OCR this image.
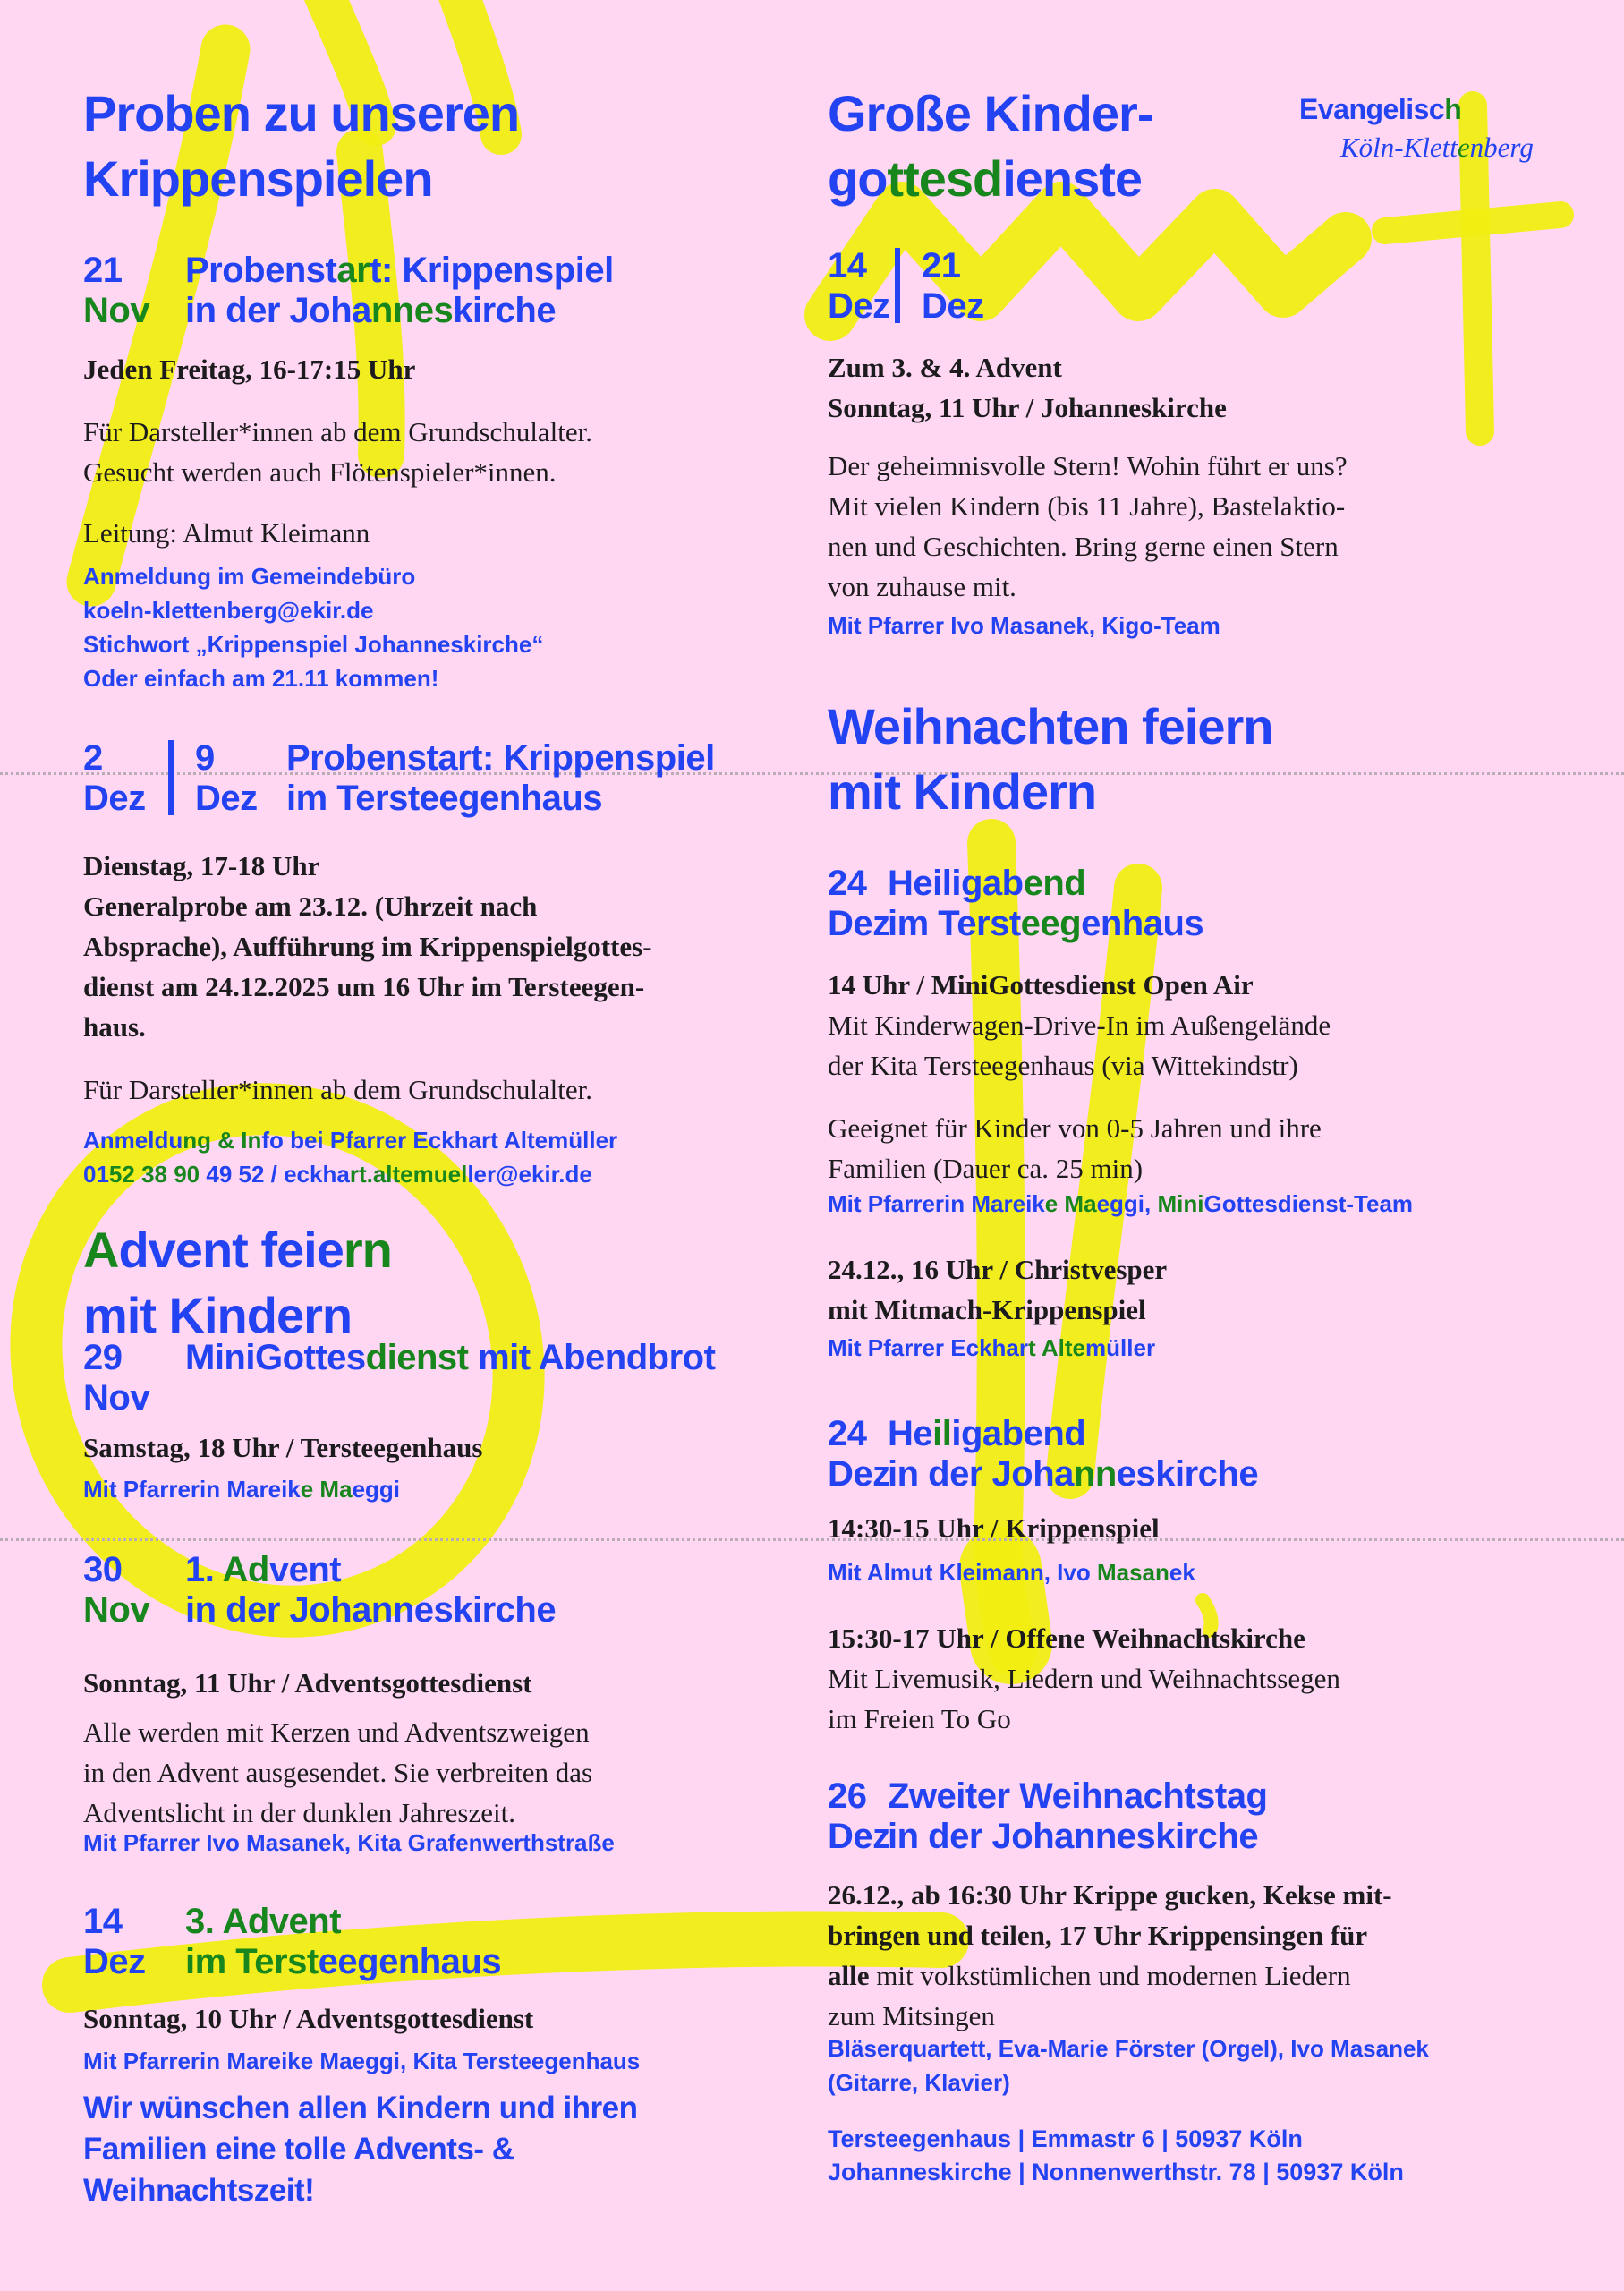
Proben zu unseren
Krippenspielen
21
Nov
Probenstart: Krippenspiel
in der Johanneskirche
Jeden Freitag, 16-17:15 Uhr
Für Darsteller*innen ab dem Grundschulalter.
Gesucht werden auch Flötenspieler*innen.
Leitung: Almut Kleimann
Anmeldung im Gemeindebüro
koeln-klettenberg@ekir.de
Stichwort „Krippenspiel Johanneskirche“
Oder einfach am 21.11 kommen!
2
Dez
9
Dez
Probenstart: Krippenspiel
im Tersteegenhaus
Dienstag, 17-18 Uhr
Generalprobe am 23.12. (Uhrzeit nach
Absprache), Aufführung im Krippenspielgottes-
dienst am 24.12.2025 um 16 Uhr im Tersteegen-
haus.
Für Darsteller*innen ab dem Grundschulalter.
Anmeldung & Info bei Pfarrer Eckhart Altemüller
0152 38 90 49 52 / eckhart.altemueller@ekir.de
Advent feiern
mit Kindern
29
Nov
MiniGottesdienst mit Abendbrot
Samstag, 18 Uhr / Tersteegenhaus
Mit Pfarrerin Mareike Maeggi
30
Nov
1. Advent
in der Johanneskirche
Sonntag, 11 Uhr / Adventsgottesdienst
Alle werden mit Kerzen und Adventszweigen
in den Advent ausgesendet. Sie verbreiten das
Adventslicht in der dunklen Jahreszeit.
Mit Pfarrer Ivo Masanek, Kita Grafenwerthstraße
14
Dez
3. Advent
im Tersteegenhaus
Sonntag, 10 Uhr / Adventsgottesdienst
Mit Pfarrerin Mareike Maeggi, Kita Tersteegenhaus
Wir wünschen allen Kindern und ihren
Familien eine tolle Advents- &
Weihnachtszeit!
Große Kinder-
gottesdienste
Evangelisch
Köln-Klettenberg
14
Dez
21
Dez
Zum 3. & 4. Advent
Sonntag, 11 Uhr / Johanneskirche
Der geheimnisvolle Stern! Wohin führt er uns?
Mit vielen Kindern (bis 11 Jahre), Bastelaktio-
nen und Geschichten. Bring gerne einen Stern
von zuhause mit.
Mit Pfarrer Ivo Masanek, Kigo-Team
Weihnachten feiern
mit Kindern
24
Dez
Heiligabend
im Tersteegenhaus
14 Uhr / MiniGottesdienst Open Air
Mit Kinderwagen-Drive-In im Außengelände
der Kita Tersteegenhaus (via Wittekindstr)
Geeignet für Kinder von 0-5 Jahren und ihre
Familien (Dauer ca. 25 min)
Mit Pfarrerin Mareike Maeggi, MiniGottesdienst-Team
24.12., 16 Uhr / Christvesper
mit Mitmach-Krippenspiel
Mit Pfarrer Eckhart Altemüller
24
Dez
Heiligabend
in der Johanneskirche
14:30-15 Uhr / Krippenspiel
Mit Almut Kleimann, Ivo Masanek
15:30-17 Uhr / Offene Weihnachtskirche
Mit Livemusik, Liedern und Weihnachtssegen
im Freien To Go
26
Dez
Zweiter Weihnachtstag
in der Johanneskirche
26.12., ab 16:30 Uhr Krippe gucken, Kekse mit-
bringen und teilen, 17 Uhr Krippensingen für
alle mit volkstümlichen und modernen Liedern
zum Mitsingen
Bläserquartett, Eva-Marie Förster (Orgel), Ivo Masanek
(Gitarre, Klavier)
Tersteegenhaus | Emmastr 6 | 50937 Köln
Johanneskirche | Nonnenwerthstr. 78 | 50937 Köln
